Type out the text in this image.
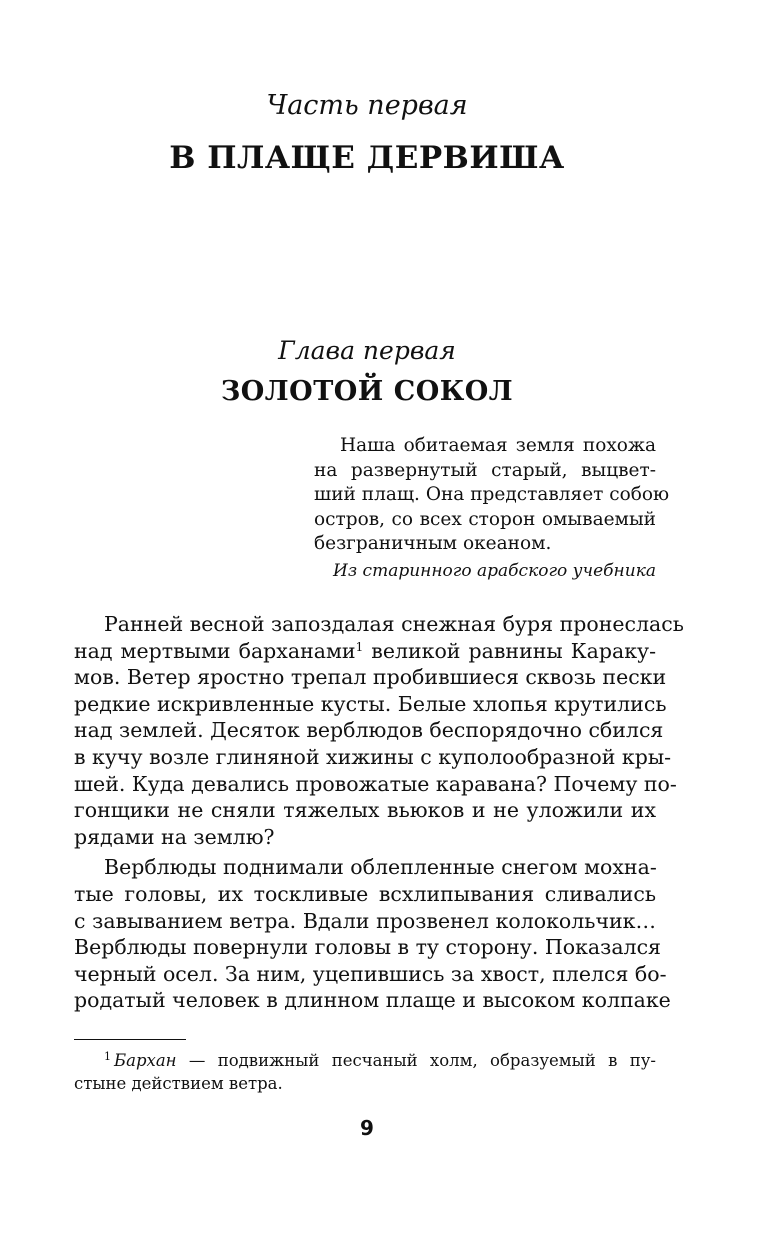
Часть первая
В ПЛАЩЕ ДЕРВИША
Глава первая
ЗОЛОТОЙ СОКОЛ
Наша обитаемая земля похожа
на развернутый старый, выцвет-
ший плащ. Она представляет собою
остров, со всех сторон омываемый
безграничным океаном.
Из старинного арабского учебника
Ранней весной запоздалая снежная буря пронеслась
над мертвыми барханами$^1$ великой равнины Караку-
мов. Ветер яростно трепал пробившиеся сквозь пески
редкие искривленные кусты. Белые хлопья крутились
над землей. Десяток верблюдов беспорядочно сбился
в кучу возле глиняной хижины с куполообразной кры-
шей. Куда девались провожатые каравана? Почему по-
гонщики не сняли тяжелых вьюков и не уложили их
рядами на землю?
Верблюды поднимали облепленные снегом мохна-
тые головы, их тоскливые всхлипывания сливались
с завыванием ветра. Вдали прозвенел колокольчик…
Верблюды повернули головы в ту сторону. Показался
черный осел. За ним, уцепившись за хвост, плелся бо-
родатый человек в длинном плаще и высоком колпаке
$^1$ Бархан — подвижный песчаный холм, образуемый в пу-
стыне действием ветра.
9
